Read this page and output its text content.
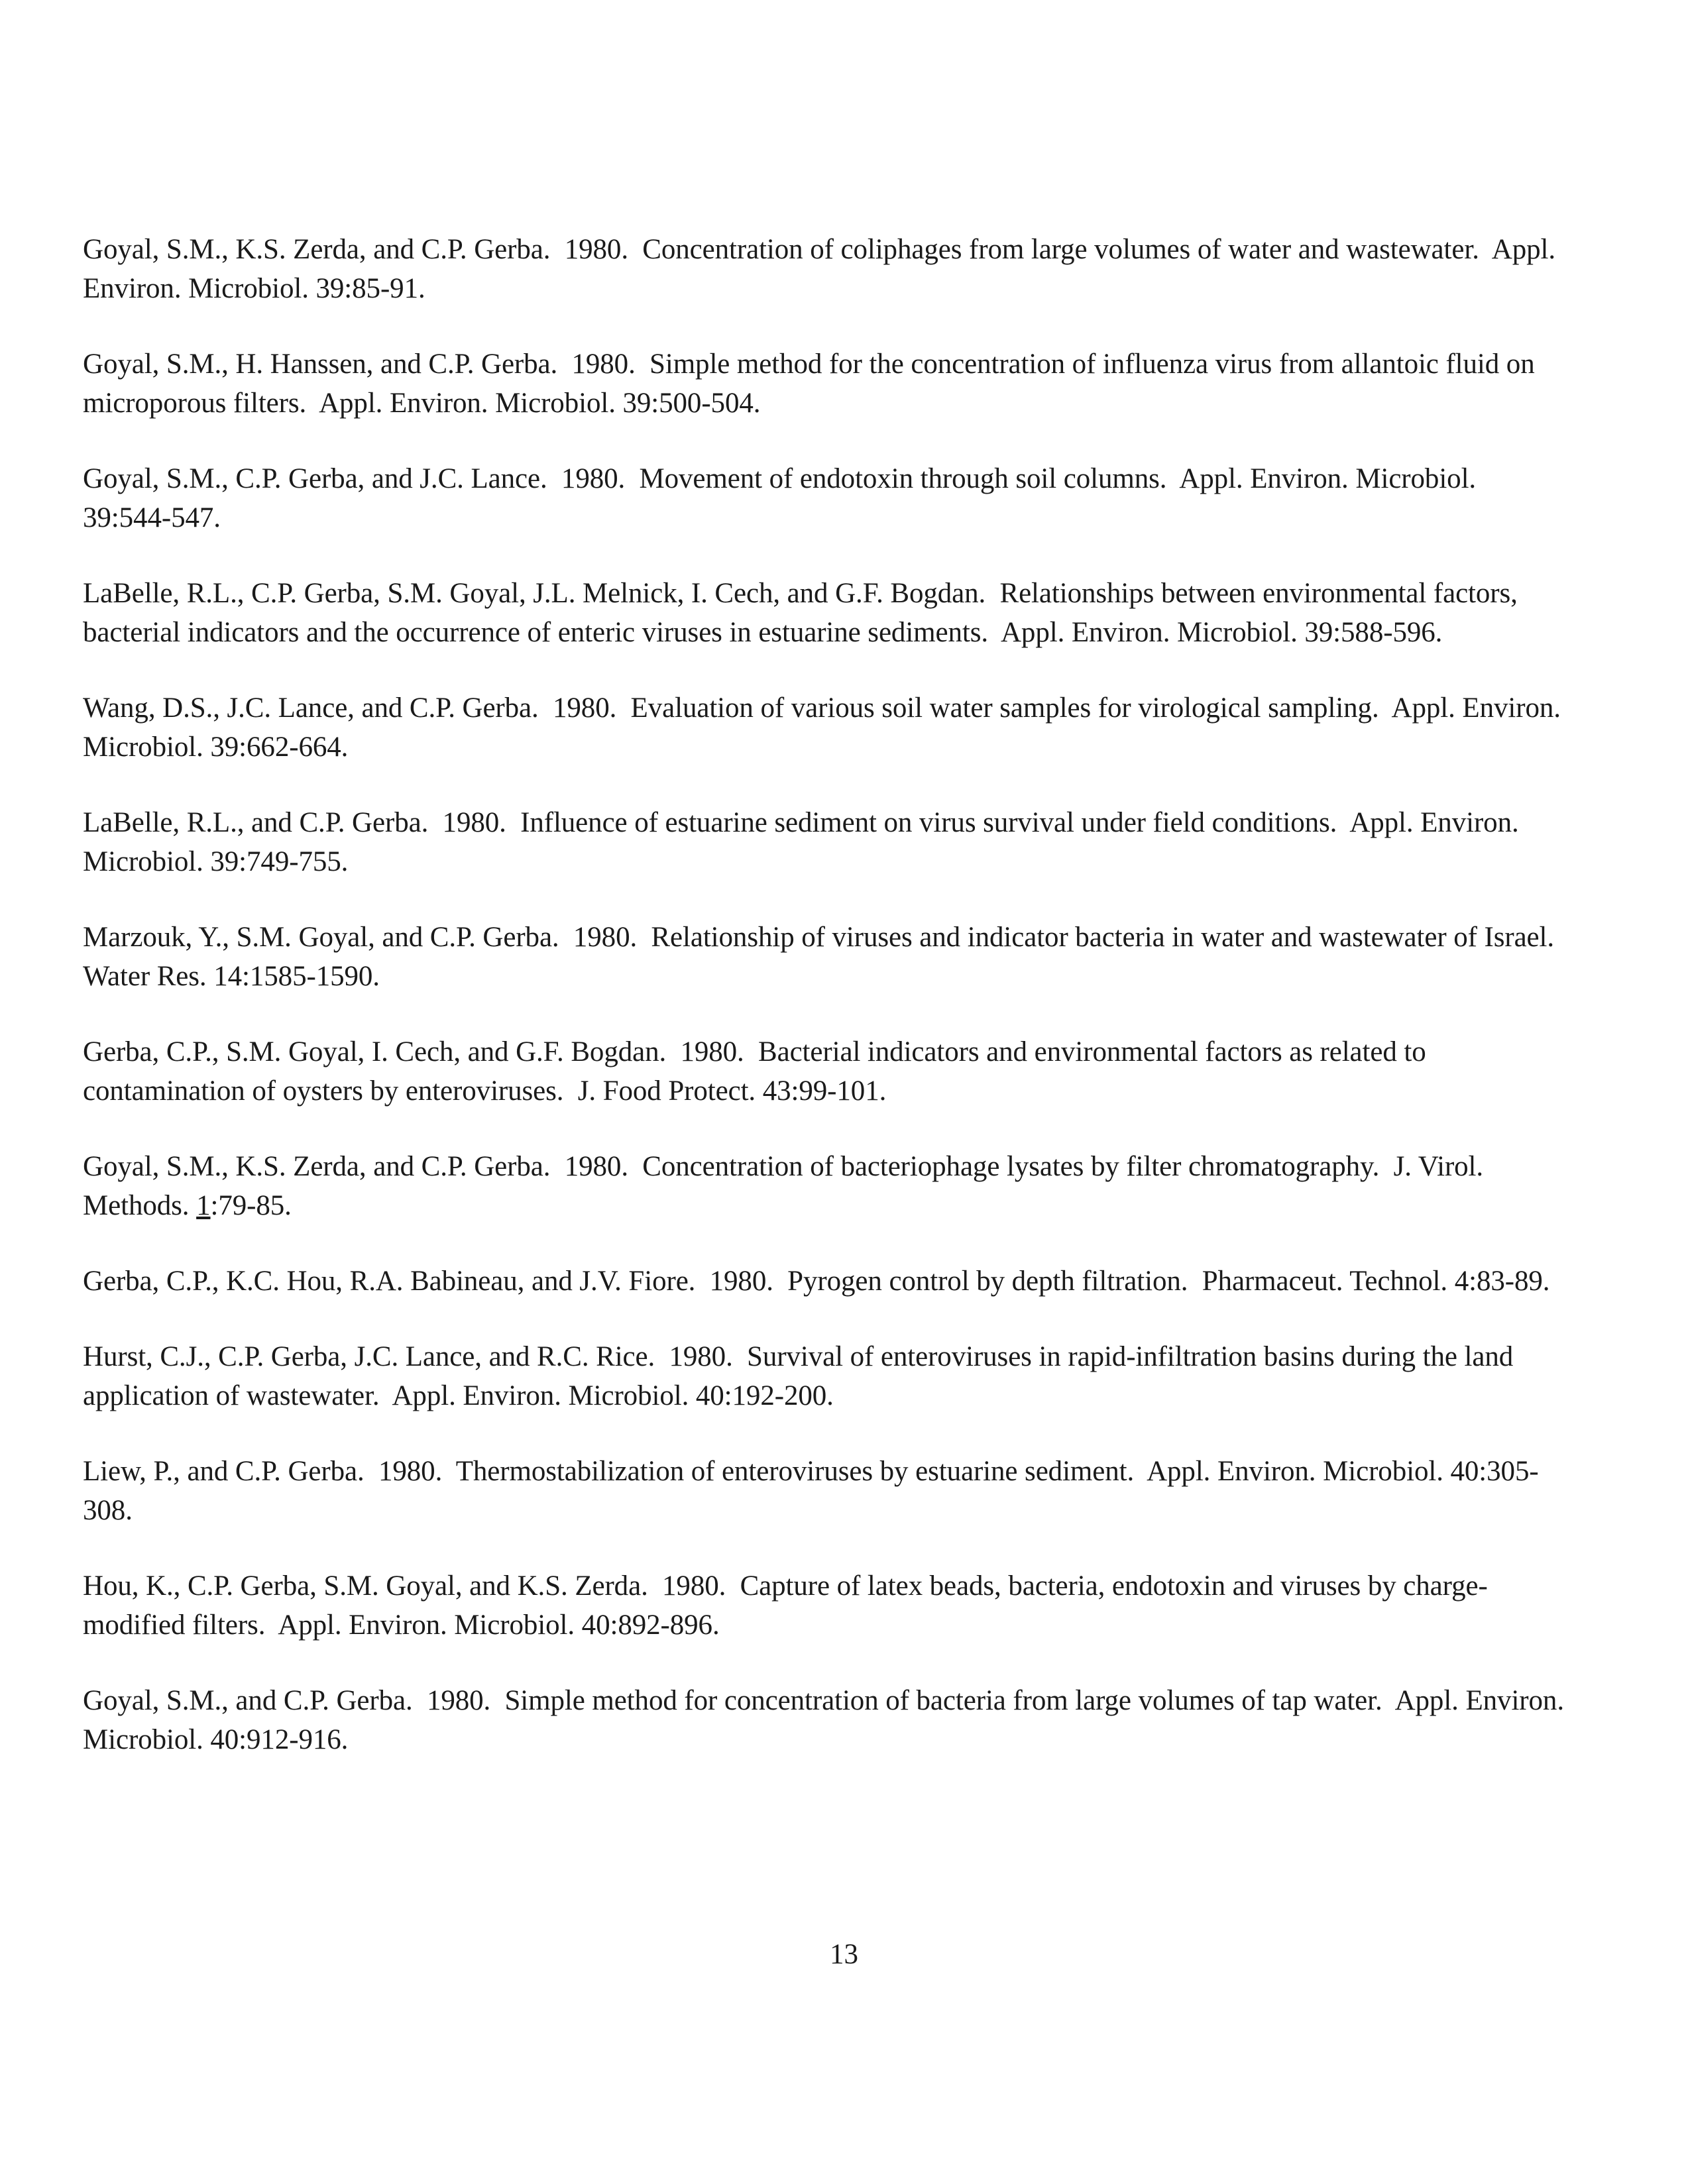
Goyal, S.M., K.S. Zerda, and C.P. Gerba.  1980.  Concentration of coliphages from large volumes of water and wastewater.  Appl. Environ. Microbiol. 39:85-91.

Goyal, S.M., H. Hanssen, and C.P. Gerba.  1980.  Simple method for the concentration of influenza virus from allantoic fluid on microporous filters.  Appl. Environ. Microbiol. 39:500-504.

Goyal, S.M., C.P. Gerba, and J.C. Lance.  1980.  Movement of endotoxin through soil columns.  Appl. Environ. Microbiol. 39:544-547.

LaBelle, R.L., C.P. Gerba, S.M. Goyal, J.L. Melnick, I. Cech, and G.F. Bogdan.  Relationships between environmental factors, bacterial indicators and the occurrence of enteric viruses in estuarine sediments.  Appl. Environ. Microbiol. 39:588-596.

Wang, D.S., J.C. Lance, and C.P. Gerba.  1980.  Evaluation of various soil water samples for virological sampling.  Appl. Environ. Microbiol. 39:662-664.

LaBelle, R.L., and C.P. Gerba.  1980.  Influence of estuarine sediment on virus survival under field conditions.  Appl. Environ. Microbiol. 39:749-755.

Marzouk, Y., S.M. Goyal, and C.P. Gerba.  1980.  Relationship of viruses and indicator bacteria in water and wastewater of Israel.  Water Res. 14:1585-1590.

Gerba, C.P., S.M. Goyal, I. Cech, and G.F. Bogdan.  1980.  Bacterial indicators and environmental factors as related to contamination of oysters by enteroviruses.  J. Food Protect. 43:99-101.

Goyal, S.M., K.S. Zerda, and C.P. Gerba.  1980.  Concentration of bacteriophage lysates by filter chromatography.  J. Virol. Methods. 1:79-85.

Gerba, C.P., K.C. Hou, R.A. Babineau, and J.V. Fiore.  1980.  Pyrogen control by depth filtration.  Pharmaceut. Technol. 4:83-89.

Hurst, C.J., C.P. Gerba, J.C. Lance, and R.C. Rice.  1980.  Survival of enteroviruses in rapid-infiltration basins during the land application of wastewater.  Appl. Environ. Microbiol. 40:192-200.

Liew, P., and C.P. Gerba.  1980.  Thermostabilization of enteroviruses by estuarine sediment.  Appl. Environ. Microbiol. 40:305-308.

Hou, K., C.P. Gerba, S.M. Goyal, and K.S. Zerda.  1980.  Capture of latex beads, bacteria, endotoxin and viruses by charge-modified filters.  Appl. Environ. Microbiol. 40:892-896.

Goyal, S.M., and C.P. Gerba.  1980.  Simple method for concentration of bacteria from large volumes of tap water.  Appl. Environ. Microbiol. 40:912-916.

13
